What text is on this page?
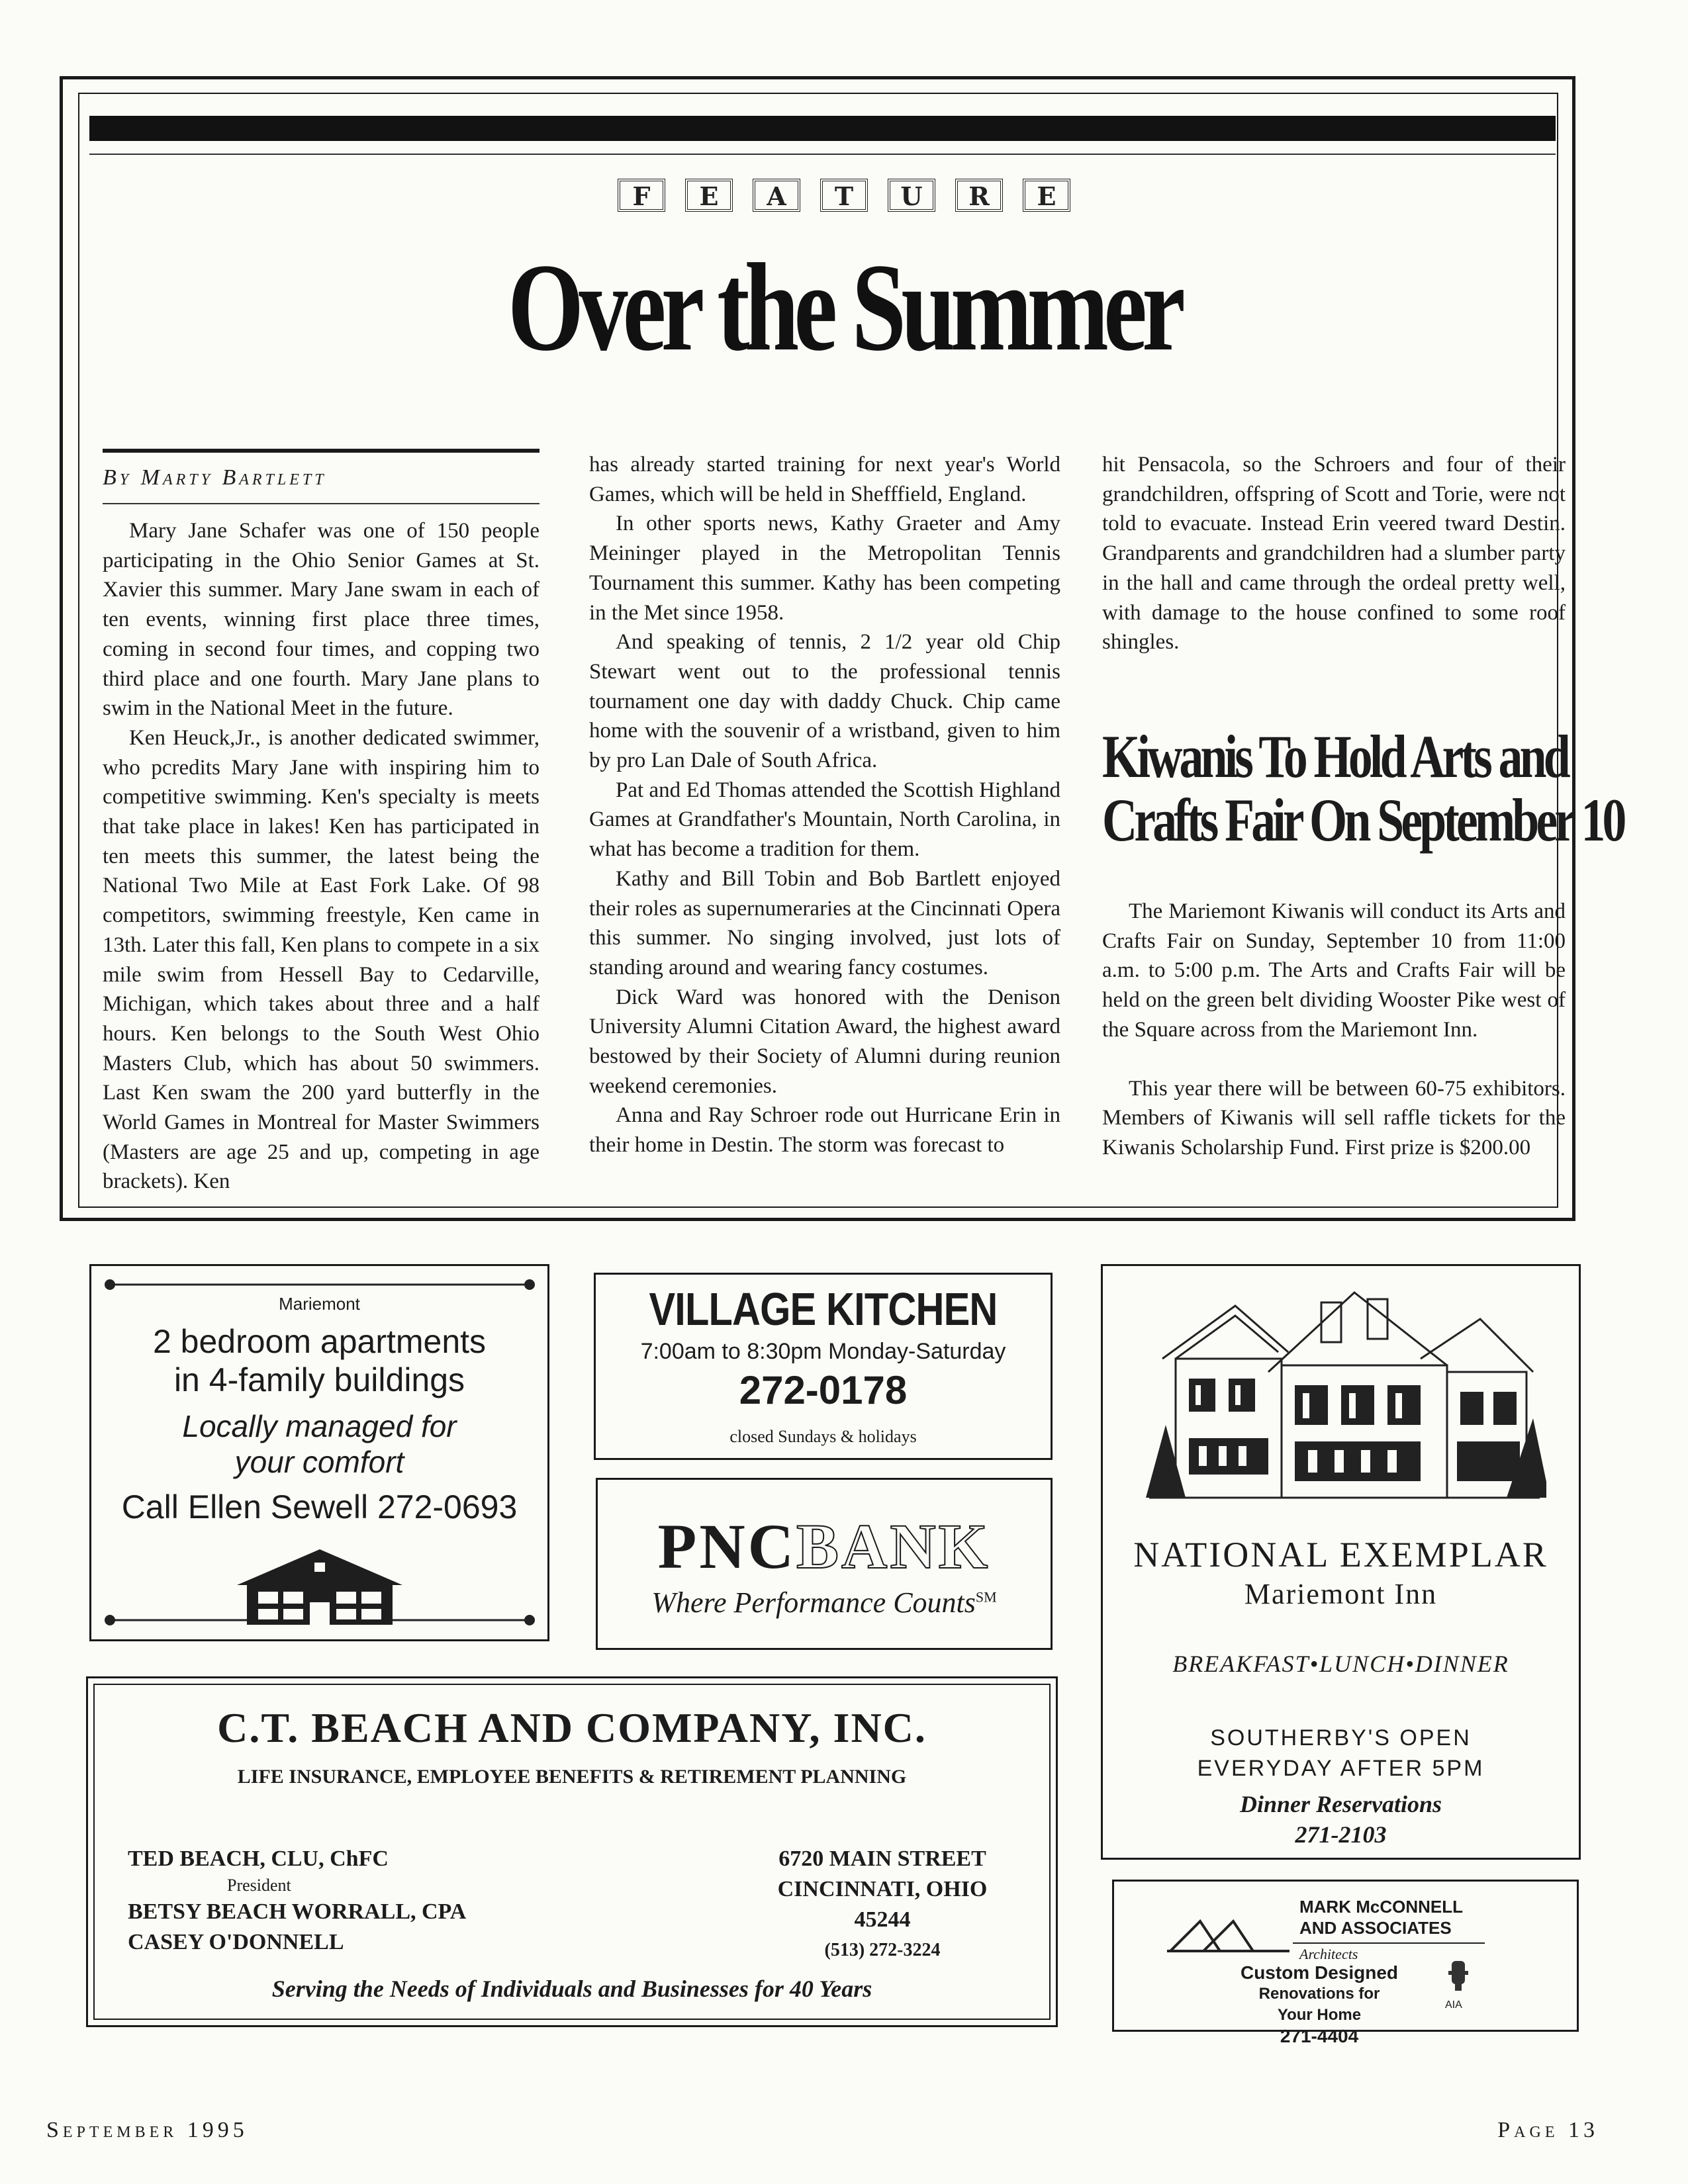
F	E	A	T	U	R	E
Over the Summer
By Marty Bartlett

Mary Jane Schafer was one of 150 people participating in the Ohio Senior Games at St. Xavier this summer. Mary Jane swam in each of ten events, winning first place three times, coming in second four times, and copping two third place and one fourth. Mary Jane plans to swim in the National Meet in the future.

Ken Heuck,Jr., is another dedicated swimmer, who pcredits Mary Jane with inspiring him to competitive swimming. Ken's specialty is meets that take place in lakes! Ken has participated in ten meets this summer, the latest being the National Two Mile at East Fork Lake. Of 98 competitors, swimming freestyle, Ken came in 13th. Later this fall, Ken plans to compete in a six mile swim from Hessell Bay to Cedarville, Michigan, which takes about three and a half hours. Ken belongs to the South West Ohio Masters Club, which has about 50 swimmers. Last Ken swam the 200 yard butterfly in the World Games in Montreal for Master Swimmers (Masters are age 25 and up, competing in age brackets). Ken

has already started training for next year's World Games, which will be held in Shefffield, England.

In other sports news, Kathy Graeter and Amy Meininger played in the Metropolitan Tennis Tournament this summer. Kathy has been competing in the Met since 1958.

And speaking of tennis, 2 1/2 year old Chip Stewart went out to the professional tennis tournament one day with daddy Chuck. Chip came home with the souvenir of a wristband, given to him by pro Lan Dale of South Africa.

Pat and Ed Thomas attended the Scottish Highland Games at Grandfather's Mountain, North Carolina, in what has become a tradition for them.

Kathy and Bill Tobin and Bob Bartlett enjoyed their roles as supernumeraries at the Cincinnati Opera this summer. No singing involved, just lots of standing around and wearing fancy costumes.

Dick Ward was honored with the Denison University Alumni Citation Award, the highest award bestowed by their Society of Alumni during reunion weekend ceremonies.

Anna and Ray Schroer rode out Hurricane Erin in their home in Destin. The storm was forecast to

hit Pensacola, so the Schroers and four of their grandchildren, offspring of Scott and Torie, were not told to evacuate. Instead Erin veered tward Destin. Grandparents and grandchildren had a slumber party in the hall and came through the ordeal pretty well, with damage to the house confined to some roof shingles.

Kiwanis To Hold Arts and
Crafts Fair On September 10

The Mariemont Kiwanis will conduct its Arts and Crafts Fair on Sunday, September 10 from 11:00 a.m. to 5:00 p.m. The Arts and Crafts Fair will be held on the green belt dividing Wooster Pike west of the Square across from the Mariemont Inn.

This year there will be between 60-75 exhibitors. Members of Kiwanis will sell raffle tickets for the Kiwanis Scholarship Fund. First prize is $200.00

Mariemont
2 bedroom apartments
in 4-family buildings
Locally managed for
your comfort
Call Ellen Sewell 272-0693
VILLAGE KITCHEN
7:00am to 8:30pm Monday-Saturday
272-0178
closed Sundays & holidays
PNCBANK
Where Performance Counts℠
NATIONAL EXEMPLAR
Mariemont Inn
BREAKFAST•LUNCH•DINNER
SOUTHERBY'S OPEN
EVERYDAY AFTER 5PM
Dinner Reservations
271-2103
C.T. BEACH AND COMPANY, INC.
LIFE INSURANCE, EMPLOYEE BENEFITS & RETIREMENT PLANNING
TED BEACH, CLU, ChFC
President
BETSY BEACH WORRALL, CPA
CASEY O'DONNELL
6720 MAIN STREET
CINCINNATI, OHIO
45244
(513) 272-3224
Serving the Needs of Individuals and Businesses for 40 Years
MARK McCONNELL
AND ASSOCIATES
Architects
Custom Designed
Renovations for
Your Home
271-4404
AIA
September 1995	Page 13
